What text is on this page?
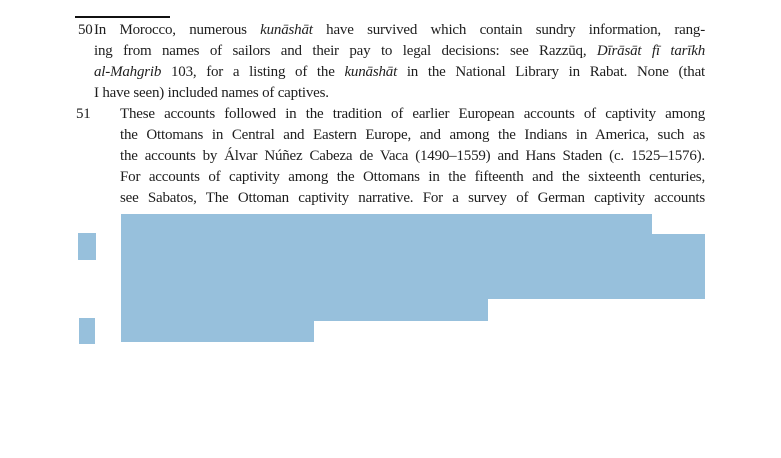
50 In Morocco, numerous kunāshāt have survived which contain sundry information, rang-
ing from names of sailors and their pay to legal decisions: see Razzūq, Dīrāsāt fī tarīkh
al-Mahgrib 103, for a listing of the kunāshāt in the National Library in Rabat. None (that
I have seen) included names of captives.
51 These accounts followed in the tradition of earlier European accounts of captivity among
the Ottomans in Central and Eastern Europe, and among the Indians in America, such as
the accounts by Álvar Núñez Cabeza de Vaca (1490–1559) and Hans Staden (c. 1525–1576).
For accounts of captivity among the Ottomans in the fifteenth and the sixteenth centuries,
see Sabatos, The Ottoman captivity narrative. For a survey of German captivity accounts
